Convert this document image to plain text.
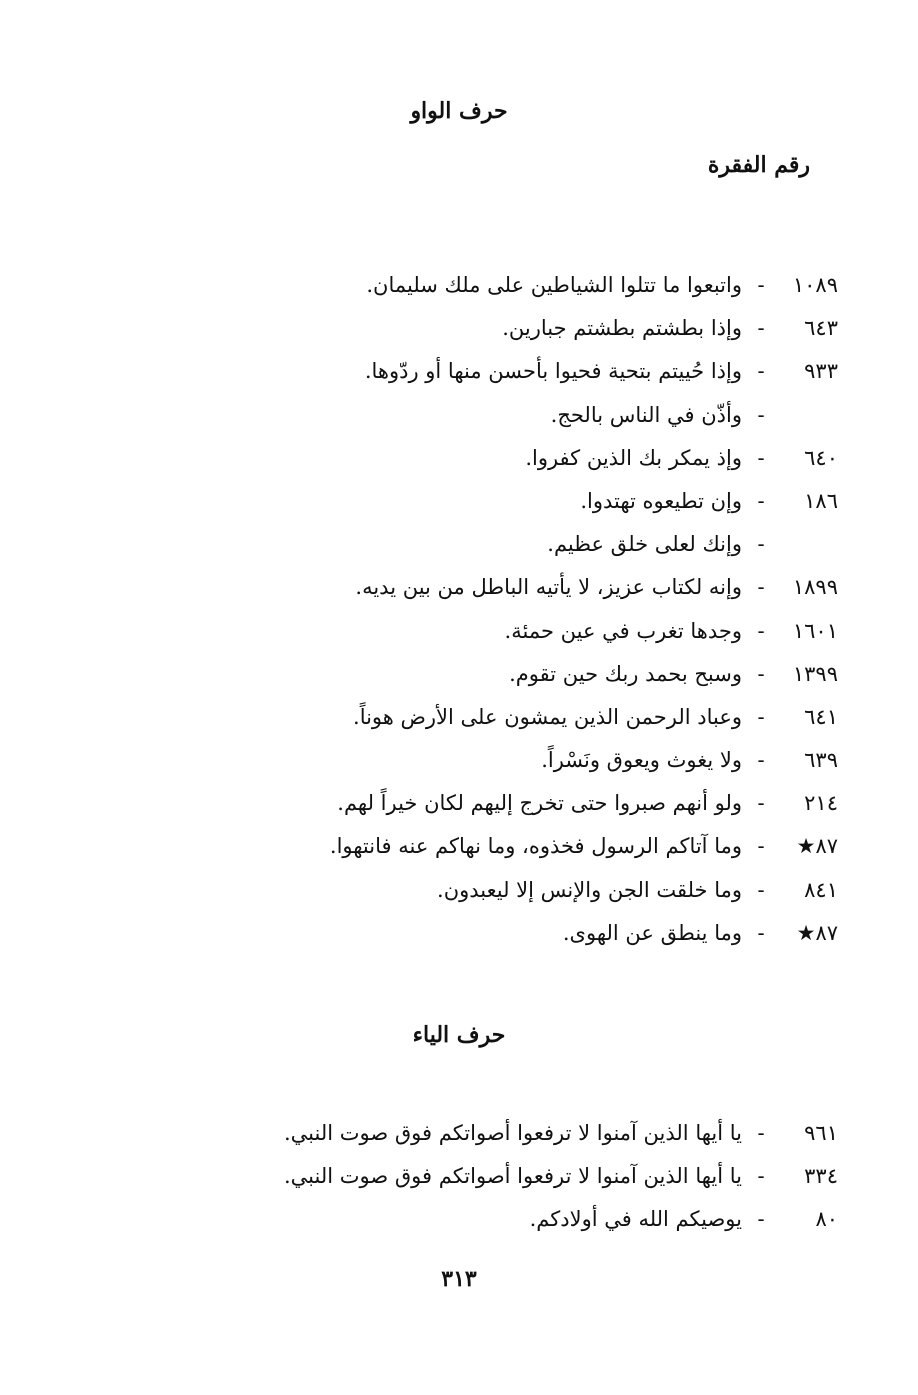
حرف الواو
رقم الفقرة
١٠٨٩
-
واتبعوا ما تتلوا الشياطين على ملك سليمان.
٦٤٣
-
وإذا بطشتم بطشتم جبارين.
٩٣٣
-
وإذا حُييتم بتحية فحيوا بأحسن منها أو ردّوها.
-
وأذّن في الناس بالحج.
٦٤٠
-
وإذ يمكر بك الذين كفروا.
١٨٦
-
وإن تطيعوه تهتدوا.
-
وإنك لعلى خلق عظيم.
١٨٩٩
-
وإنه لكتاب عزيز، لا يأتيه الباطل من بين يديه.
١٦٠١
-
وجدها تغرب في عين حمئة.
١٣٩٩
-
وسبح بحمد ربك حين تقوم.
٦٤١
-
وعباد الرحمن الذين يمشون على الأرض هوناً.
٦٣٩
-
ولا يغوث ويعوق ونَسْراً.
٢١٤
-
ولو أنهم صبروا حتى تخرج إليهم لكان خيراً لهم.
٨٧★
-
وما آتاكم الرسول فخذوه، وما نهاكم عنه فانتهوا.
٨٤١
-
وما خلقت الجن والإنس إلا ليعبدون.
٨٧★
-
وما ينطق عن الهوى.
حرف الياء
٩٦١
-
يا أيها الذين آمنوا لا ترفعوا أصواتكم فوق صوت النبي.
٣٣٤
-
يا أيها الذين آمنوا لا ترفعوا أصواتكم فوق صوت النبي.
٨٠
-
يوصيكم الله في أولادكم.
٣١٣
